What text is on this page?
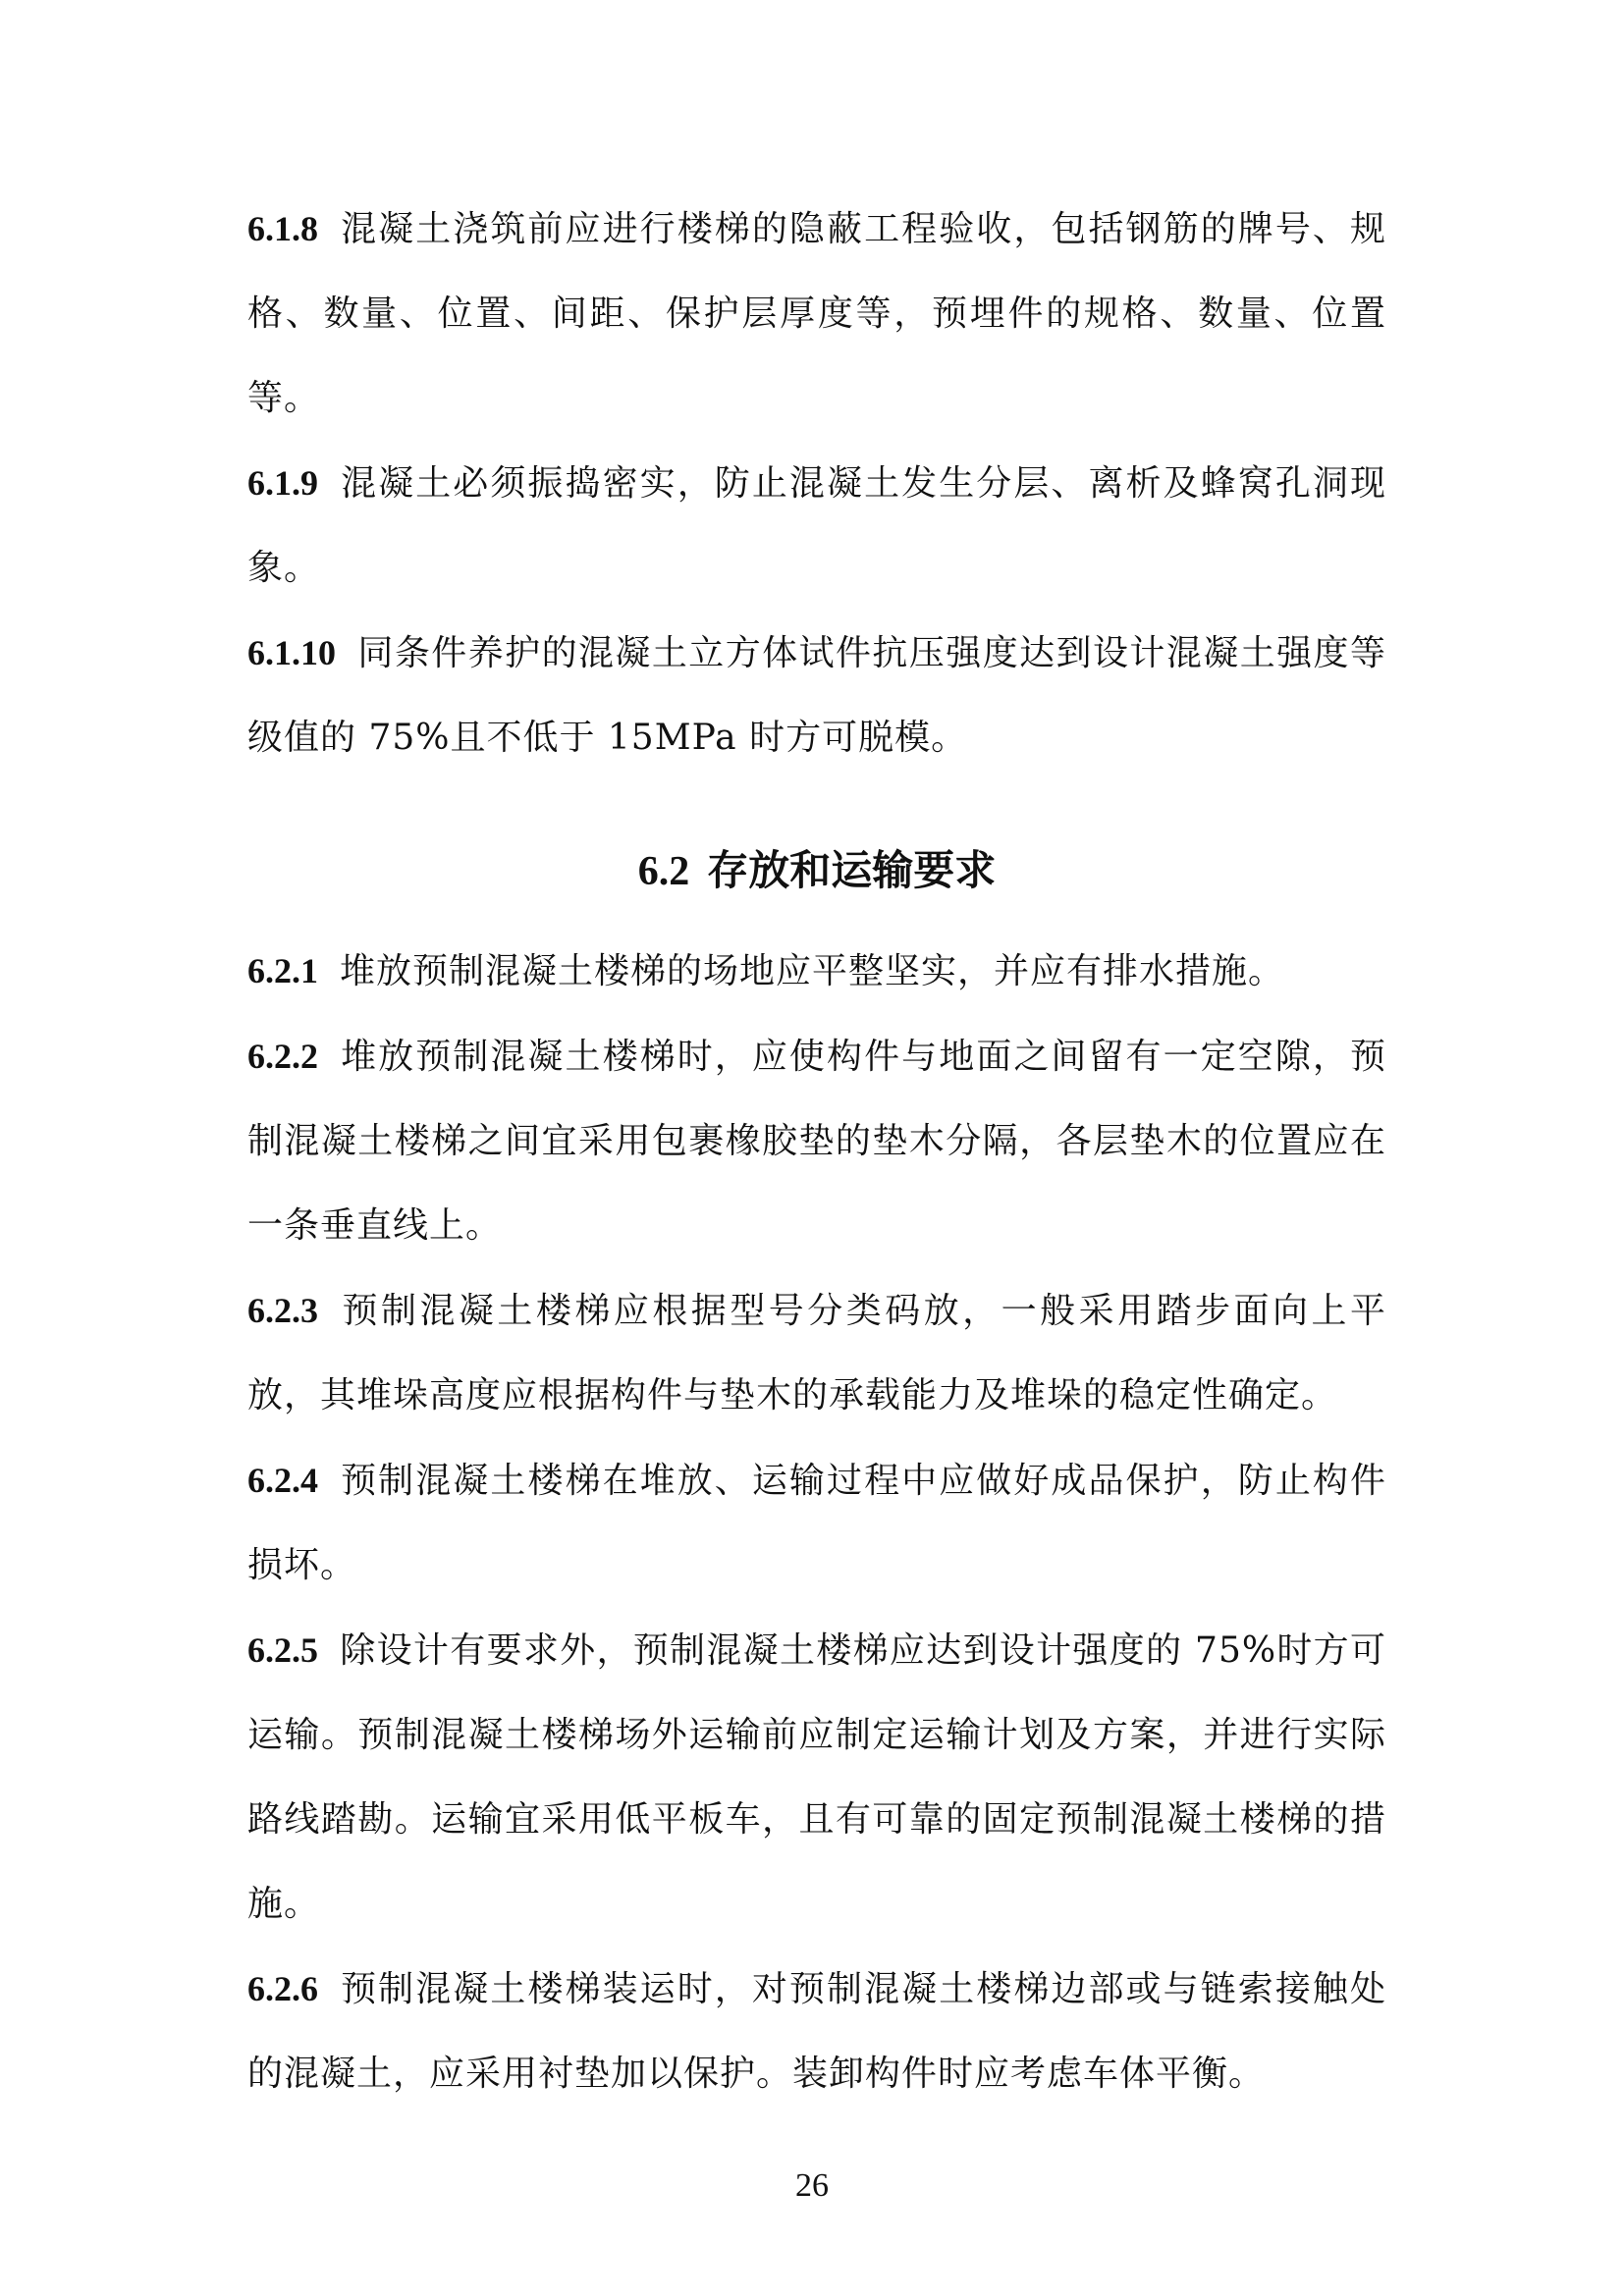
6.1.8 混凝土浇筑前应进行楼梯的隐蔽工程验收，包括钢筋的牌号、规格、数量、位置、间距、保护层厚度等，预埋件的规格、数量、位置等。

6.1.9 混凝土必须振捣密实，防止混凝土发生分层、离析及蜂窝孔洞现象。

6.1.10 同条件养护的混凝土立方体试件抗压强度达到设计混凝土强度等级值的 75%且不低于 15MPa 时方可脱模。

6.2 存放和运输要求

6.2.1 堆放预制混凝土楼梯的场地应平整坚实，并应有排水措施。

6.2.2 堆放预制混凝土楼梯时，应使构件与地面之间留有一定空隙，预制混凝土楼梯之间宜采用包裹橡胶垫的垫木分隔，各层垫木的位置应在一条垂直线上。

6.2.3 预制混凝土楼梯应根据型号分类码放，一般采用踏步面向上平放，其堆垛高度应根据构件与垫木的承载能力及堆垛的稳定性确定。

6.2.4 预制混凝土楼梯在堆放、运输过程中应做好成品保护，防止构件损坏。

6.2.5 除设计有要求外，预制混凝土楼梯应达到设计强度的 75%时方可运输。预制混凝土楼梯场外运输前应制定运输计划及方案，并进行实际路线踏勘。运输宜采用低平板车，且有可靠的固定预制混凝土楼梯的措施。

6.2.6 预制混凝土楼梯装运时，对预制混凝土楼梯边部或与链索接触处的混凝土，应采用衬垫加以保护。装卸构件时应考虑车体平衡。

26
